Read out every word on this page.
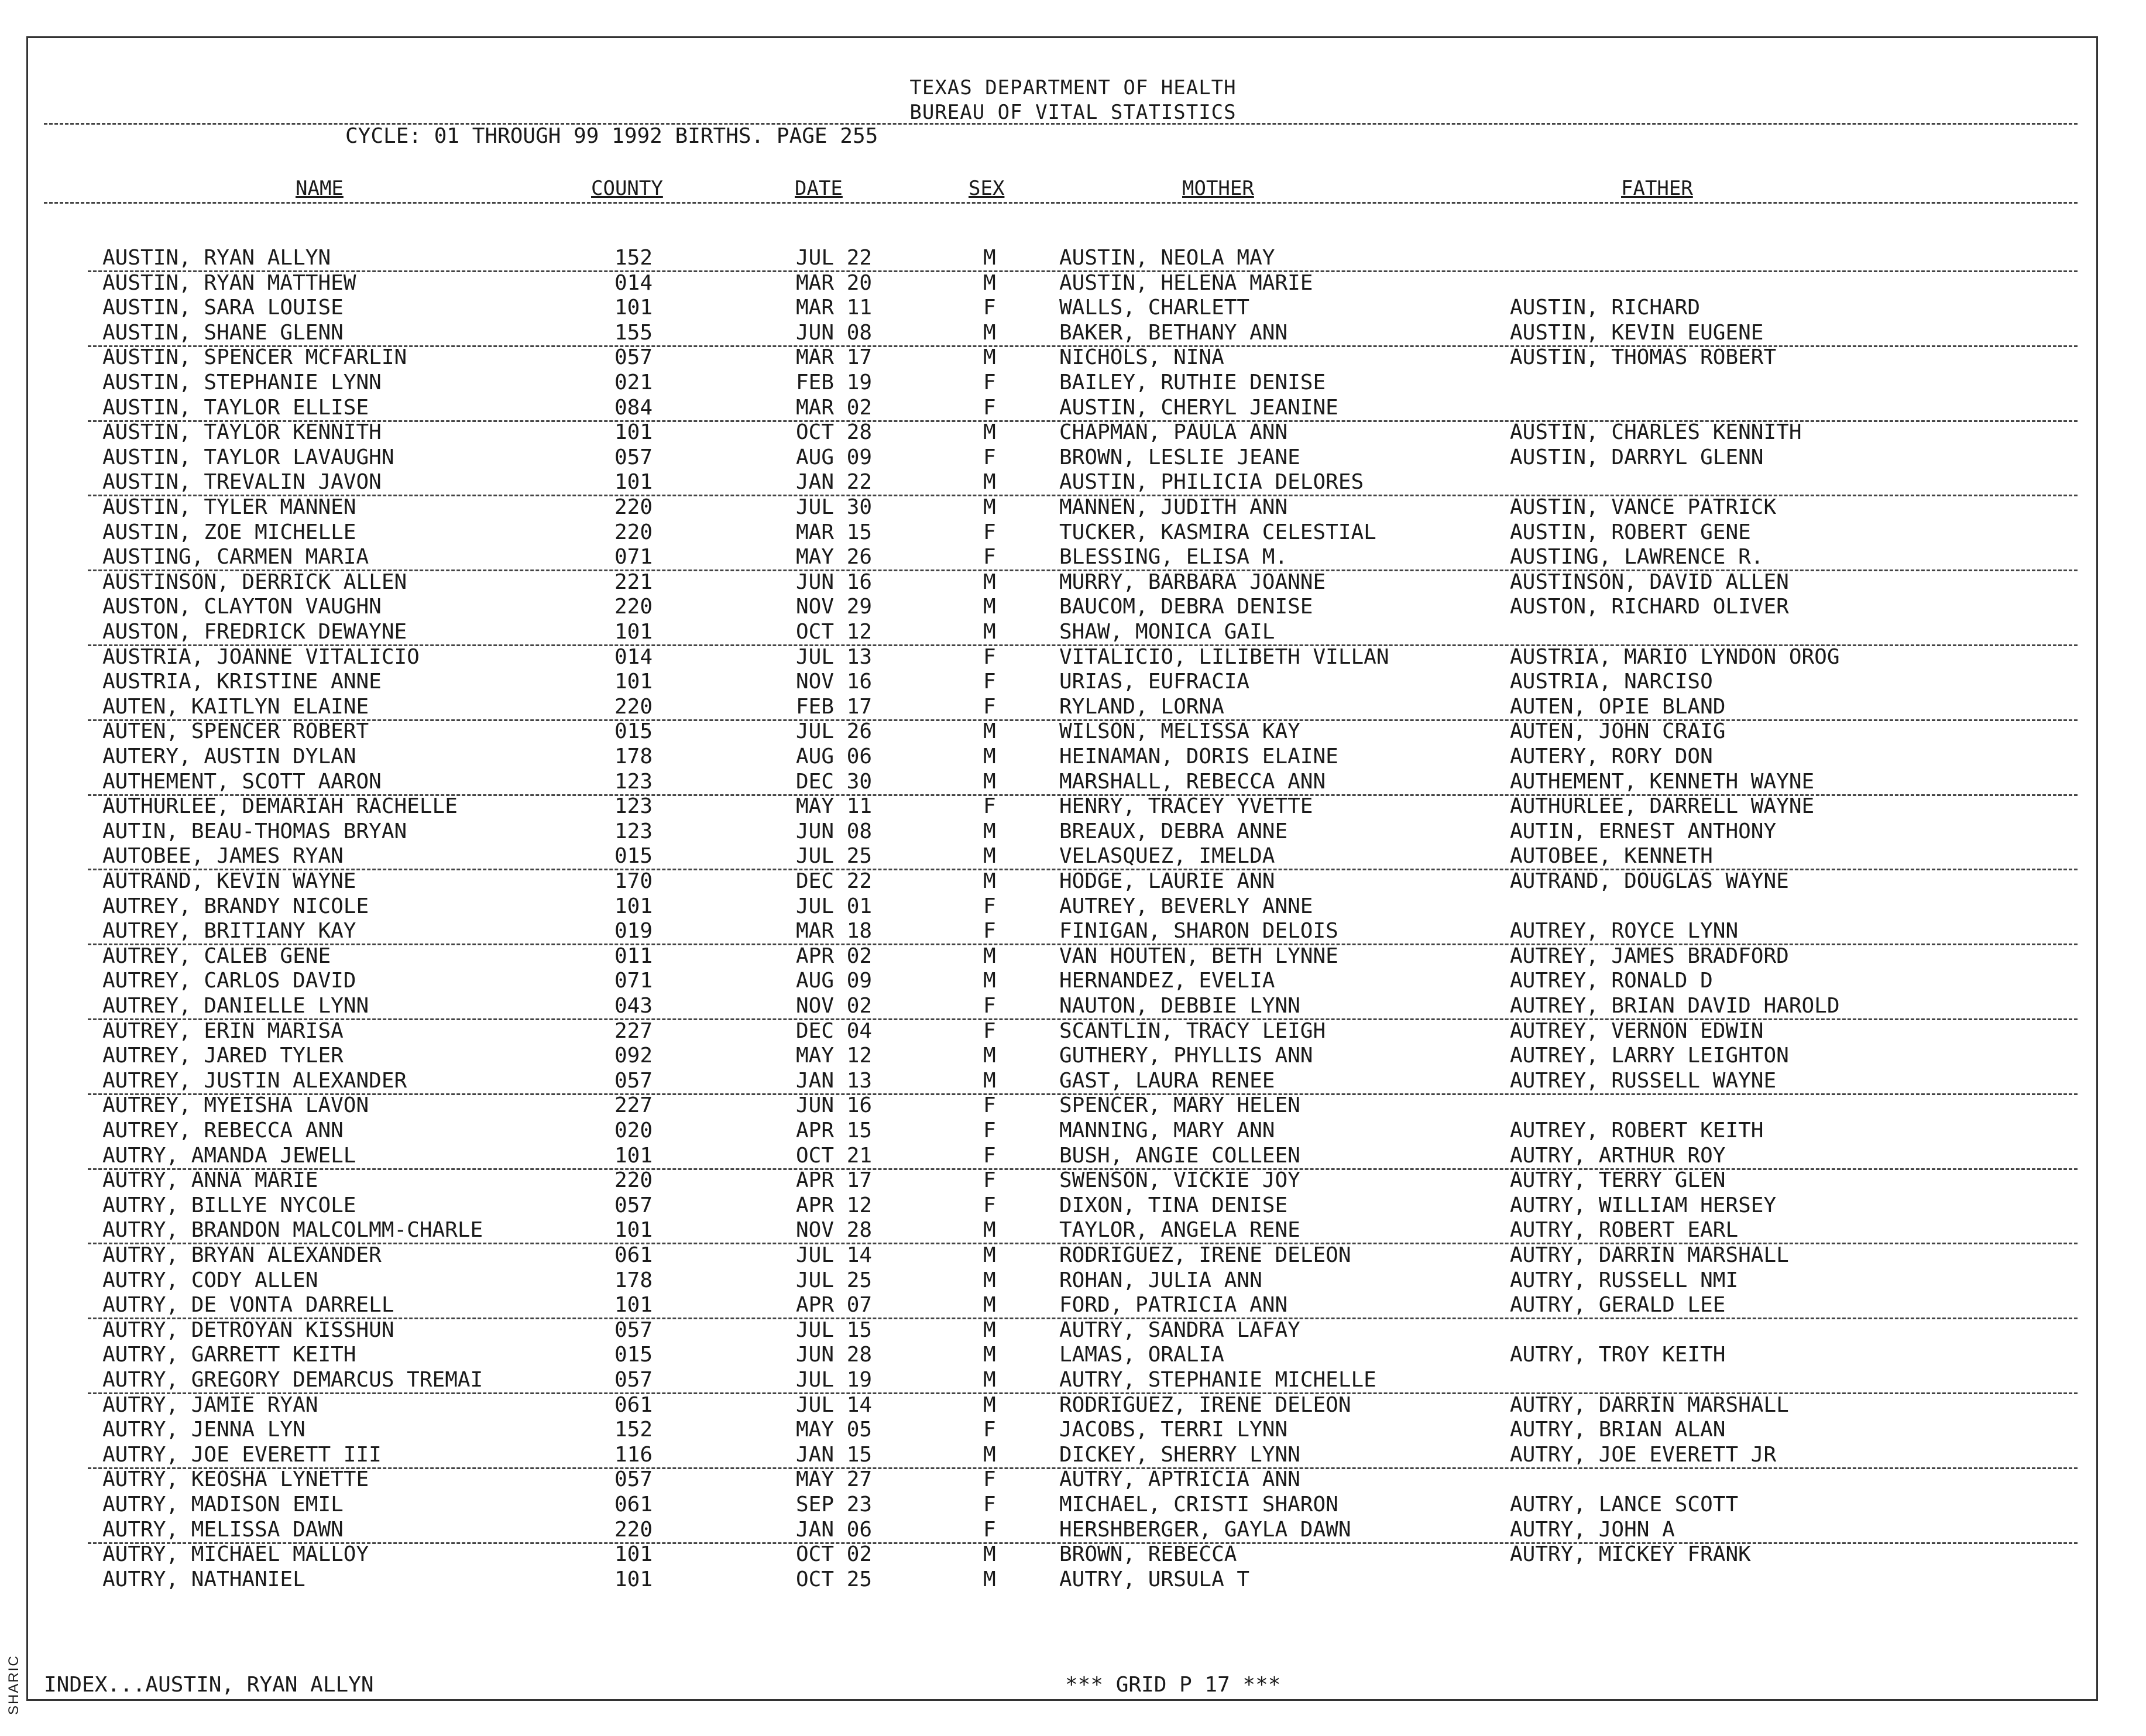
TEXAS DEPARTMENT OF HEALTH
BUREAU OF VITAL STATISTICS
CYCLE: 01 THROUGH 99 1992 BIRTHS. PAGE 255
NAME	COUNTY	DATE	SEX	MOTHER	FATHER
AUSTIN, RYAN ALLYN	152	JUL 22	M	AUSTIN, NEOLA MAY
AUSTIN, RYAN MATTHEW	014	MAR 20	M	AUSTIN, HELENA MARIE
AUSTIN, SARA LOUISE	101	MAR 11	F	WALLS, CHARLETT	AUSTIN, RICHARD
AUSTIN, SHANE GLENN	155	JUN 08	M	BAKER, BETHANY ANN	AUSTIN, KEVIN EUGENE
AUSTIN, SPENCER MCFARLIN	057	MAR 17	M	NICHOLS, NINA	AUSTIN, THOMAS ROBERT
AUSTIN, STEPHANIE LYNN	021	FEB 19	F	BAILEY, RUTHIE DENISE
AUSTIN, TAYLOR ELLISE	084	MAR 02	F	AUSTIN, CHERYL JEANINE
AUSTIN, TAYLOR KENNITH	101	OCT 28	M	CHAPMAN, PAULA ANN	AUSTIN, CHARLES KENNITH
AUSTIN, TAYLOR LAVAUGHN	057	AUG 09	F	BROWN, LESLIE JEANE	AUSTIN, DARRYL GLENN
AUSTIN, TREVALIN JAVON	101	JAN 22	M	AUSTIN, PHILICIA DELORES
AUSTIN, TYLER MANNEN	220	JUL 30	M	MANNEN, JUDITH ANN	AUSTIN, VANCE PATRICK
AUSTIN, ZOE MICHELLE	220	MAR 15	F	TUCKER, KASMIRA CELESTIAL	AUSTIN, ROBERT GENE
AUSTING, CARMEN MARIA	071	MAY 26	F	BLESSING, ELISA M.	AUSTING, LAWRENCE R.
AUSTINSON, DERRICK ALLEN	221	JUN 16	M	MURRY, BARBARA JOANNE	AUSTINSON, DAVID ALLEN
AUSTON, CLAYTON VAUGHN	220	NOV 29	M	BAUCOM, DEBRA DENISE	AUSTON, RICHARD OLIVER
AUSTON, FREDRICK DEWAYNE	101	OCT 12	M	SHAW, MONICA GAIL
AUSTRIA, JOANNE VITALICIO	014	JUL 13	F	VITALICIO, LILIBETH VILLAN	AUSTRIA, MARIO LYNDON OROG
AUSTRIA, KRISTINE ANNE	101	NOV 16	F	URIAS, EUFRACIA	AUSTRIA, NARCISO
AUTEN, KAITLYN ELAINE	220	FEB 17	F	RYLAND, LORNA	AUTEN, OPIE BLAND
AUTEN, SPENCER ROBERT	015	JUL 26	M	WILSON, MELISSA KAY	AUTEN, JOHN CRAIG
AUTERY, AUSTIN DYLAN	178	AUG 06	M	HEINAMAN, DORIS ELAINE	AUTERY, RORY DON
AUTHEMENT, SCOTT AARON	123	DEC 30	M	MARSHALL, REBECCA ANN	AUTHEMENT, KENNETH WAYNE
AUTHURLEE, DEMARIAH RACHELLE	123	MAY 11	F	HENRY, TRACEY YVETTE	AUTHURLEE, DARRELL WAYNE
AUTIN, BEAU-THOMAS BRYAN	123	JUN 08	M	BREAUX, DEBRA ANNE	AUTIN, ERNEST ANTHONY
AUTOBEE, JAMES RYAN	015	JUL 25	M	VELASQUEZ, IMELDA	AUTOBEE, KENNETH
AUTRAND, KEVIN WAYNE	170	DEC 22	M	HODGE, LAURIE ANN	AUTRAND, DOUGLAS WAYNE
AUTREY, BRANDY NICOLE	101	JUL 01	F	AUTREY, BEVERLY ANNE
AUTREY, BRITIANY KAY	019	MAR 18	F	FINIGAN, SHARON DELOIS	AUTREY, ROYCE LYNN
AUTREY, CALEB GENE	011	APR 02	M	VAN HOUTEN, BETH LYNNE	AUTREY, JAMES BRADFORD
AUTREY, CARLOS DAVID	071	AUG 09	M	HERNANDEZ, EVELIA	AUTREY, RONALD D
AUTREY, DANIELLE LYNN	043	NOV 02	F	NAUTON, DEBBIE LYNN	AUTREY, BRIAN DAVID HAROLD
AUTREY, ERIN MARISA	227	DEC 04	F	SCANTLIN, TRACY LEIGH	AUTREY, VERNON EDWIN
AUTREY, JARED TYLER	092	MAY 12	M	GUTHERY, PHYLLIS ANN	AUTREY, LARRY LEIGHTON
AUTREY, JUSTIN ALEXANDER	057	JAN 13	M	GAST, LAURA RENEE	AUTREY, RUSSELL WAYNE
AUTREY, MYEISHA LAVON	227	JUN 16	F	SPENCER, MARY HELEN
AUTREY, REBECCA ANN	020	APR 15	F	MANNING, MARY ANN	AUTREY, ROBERT KEITH
AUTRY, AMANDA JEWELL	101	OCT 21	F	BUSH, ANGIE COLLEEN	AUTRY, ARTHUR ROY
AUTRY, ANNA MARIE	220	APR 17	F	SWENSON, VICKIE JOY	AUTRY, TERRY GLEN
AUTRY, BILLYE NYCOLE	057	APR 12	F	DIXON, TINA DENISE	AUTRY, WILLIAM HERSEY
AUTRY, BRANDON MALCOLMM-CHARLE	101	NOV 28	M	TAYLOR, ANGELA RENE	AUTRY, ROBERT EARL
AUTRY, BRYAN ALEXANDER	061	JUL 14	M	RODRIGUEZ, IRENE DELEON	AUTRY, DARRIN MARSHALL
AUTRY, CODY ALLEN	178	JUL 25	M	ROHAN, JULIA ANN	AUTRY, RUSSELL NMI
AUTRY, DE VONTA DARRELL	101	APR 07	M	FORD, PATRICIA ANN	AUTRY, GERALD LEE
AUTRY, DETROYAN KISSHUN	057	JUL 15	M	AUTRY, SANDRA LAFAY
AUTRY, GARRETT KEITH	015	JUN 28	M	LAMAS, ORALIA	AUTRY, TROY KEITH
AUTRY, GREGORY DEMARCUS TREMAI	057	JUL 19	M	AUTRY, STEPHANIE MICHELLE
AUTRY, JAMIE RYAN	061	JUL 14	M	RODRIGUEZ, IRENE DELEON	AUTRY, DARRIN MARSHALL
AUTRY, JENNA LYN	152	MAY 05	F	JACOBS, TERRI LYNN	AUTRY, BRIAN ALAN
AUTRY, JOE EVERETT III	116	JAN 15	M	DICKEY, SHERRY LYNN	AUTRY, JOE EVERETT JR
AUTRY, KEOSHA LYNETTE	057	MAY 27	F	AUTRY, APTRICIA ANN
AUTRY, MADISON EMIL	061	SEP 23	F	MICHAEL, CRISTI SHARON	AUTRY, LANCE SCOTT
AUTRY, MELISSA DAWN	220	JAN 06	F	HERSHBERGER, GAYLA DAWN	AUTRY, JOHN A
AUTRY, MICHAEL MALLOY	101	OCT 02	M	BROWN, REBECCA	AUTRY, MICKEY FRANK
AUTRY, NATHANIEL	101	OCT 25	M	AUTRY, URSULA T
INDEX...AUSTIN, RYAN ALLYN	*** GRID P 17 ***
SHARIC
